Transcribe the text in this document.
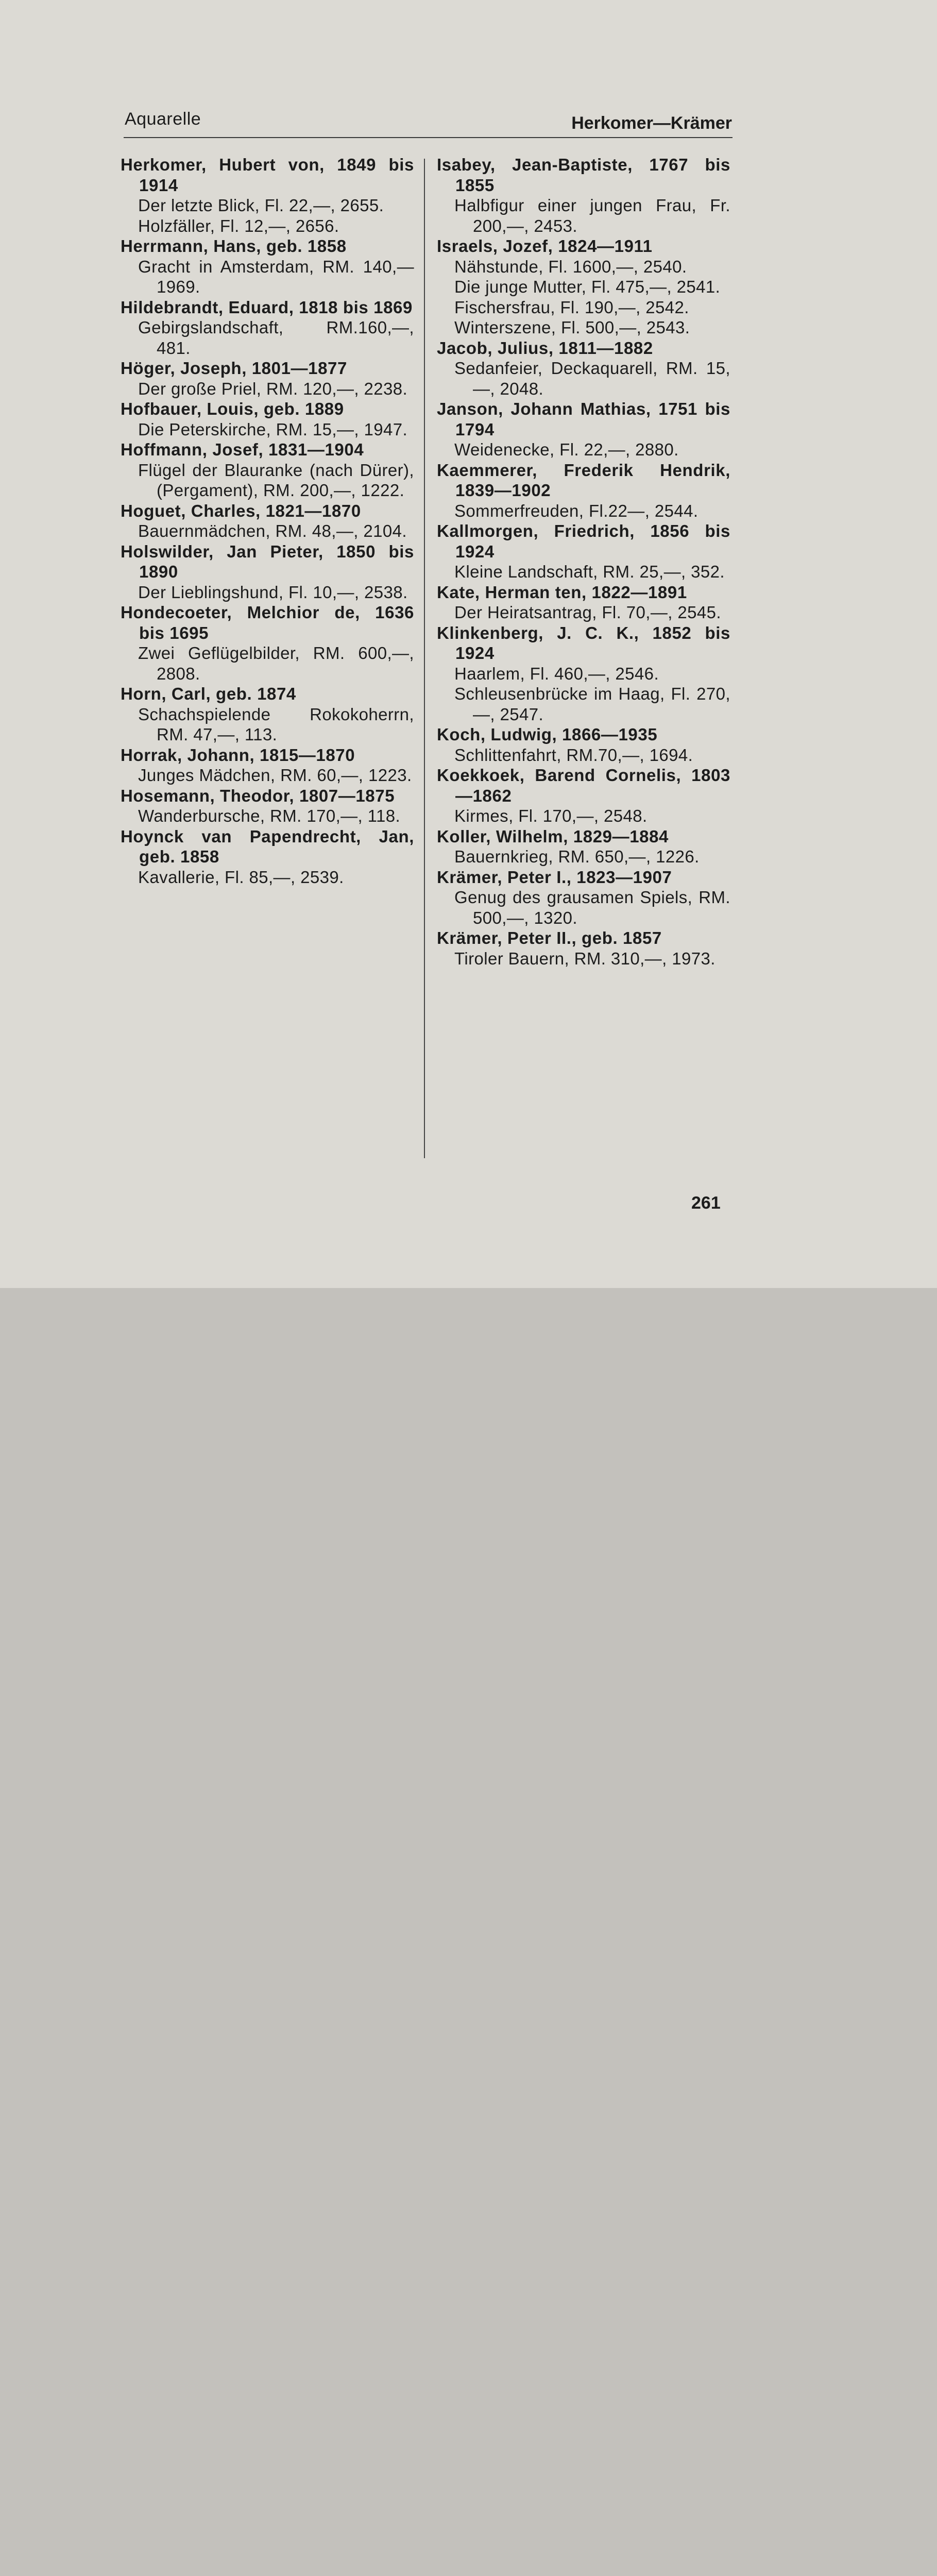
Aquarelle	Herkomer—Krämer
Herkomer, Hubert von, 1849 bis 1914
Der letzte Blick, Fl. 22,—, 2655.
Holzfäller, Fl. 12,—, 2656.
Herrmann, Hans, geb. 1858
Gracht in Amsterdam, RM. 140,— 1969.
Hildebrandt, Eduard, 1818 bis 1869
Gebirgslandschaft, RM.160,—, 481.
Höger, Joseph, 1801—1877
Der große Priel, RM. 120,—, 2238.
Hofbauer, Louis, geb. 1889
Die Peterskirche, RM. 15,—, 1947.
Hoffmann, Josef, 1831—1904
Flügel der Blauranke (nach Dürer), (Pergament), RM. 200,—, 1222.
Hoguet, Charles, 1821—1870
Bauernmädchen, RM. 48,—, 2104.
Holswilder, Jan Pieter, 1850 bis 1890
Der Lieblingshund, Fl. 10,—, 2538.
Hondecoeter, Melchior de, 1636 bis 1695
Zwei Geflügelbilder, RM. 600,—, 2808.
Horn, Carl, geb. 1874
Schachspielende Rokokoherrn, RM. 47,—, 113.
Horrak, Johann, 1815—1870
Junges Mädchen, RM. 60,—, 1223.
Hosemann, Theodor, 1807—1875
Wanderbursche, RM. 170,—, 118.
Hoynck van Papendrecht, Jan, geb. 1858
Kavallerie, Fl. 85,—, 2539.
Isabey, Jean-Baptiste, 1767 bis 1855
Halbfigur einer jungen Frau, Fr. 200,—, 2453.
Israels, Jozef, 1824—1911
Nähstunde, Fl. 1600,—, 2540.
Die junge Mutter, Fl. 475,—, 2541.
Fischersfrau, Fl. 190,—, 2542.
Winterszene, Fl. 500,—, 2543.
Jacob, Julius, 1811—1882
Sedanfeier, Deckaquarell, RM. 15,—, 2048.
Janson, Johann Mathias, 1751 bis 1794
Weidenecke, Fl. 22,—, 2880.
Kaemmerer, Frederik Hendrik, 1839—1902
Sommerfreuden, Fl.22—, 2544.
Kallmorgen, Friedrich, 1856 bis 1924
Kleine Landschaft, RM. 25,—, 352.
Kate, Herman ten, 1822—1891
Der Heiratsantrag, Fl. 70,—, 2545.
Klinkenberg, J. C. K., 1852 bis 1924
Haarlem, Fl. 460,—, 2546.
Schleusenbrücke im Haag, Fl. 270,—, 2547.
Koch, Ludwig, 1866—1935
Schlittenfahrt, RM.70,—, 1694.
Koekkoek, Barend Cornelis, 1803—1862
Kirmes, Fl. 170,—, 2548.
Koller, Wilhelm, 1829—1884
Bauernkrieg, RM. 650,—, 1226.
Krämer, Peter I., 1823—1907
Genug des grausamen Spiels, RM. 500,—, 1320.
Krämer, Peter II., geb. 1857
Tiroler Bauern, RM. 310,—, 1973.
261
